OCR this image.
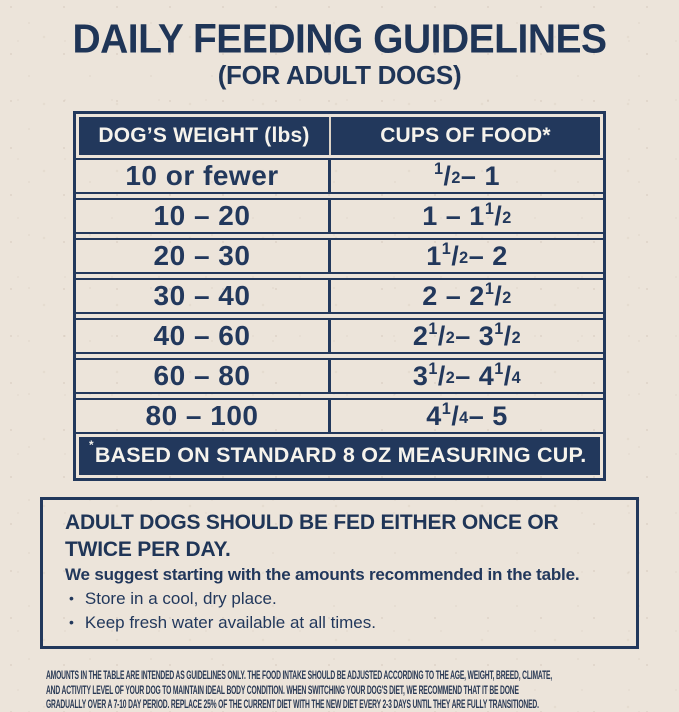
DAILY FEEDING GUIDELINES
(FOR ADULT DOGS)
DOG’S WEIGHT (lbs)	CUPS OF FOOD*
10 or fewer	$^1$ $/_2 - 1$
10 – 20	1 – 1 $^1$ $/_2$
20 – 30	1 $^1$ $/_2 - 2$
30 – 40	2 – 2 $^1$ $/_2$
40 – 60	2 $^1$ $/_2 - 3$ $^1$ $/_2$
60 – 80	3 $^1$ $/_2 - 4$ $^1$ $/_4$
80 – 100	4 $^1$ $/_4 - 5$
*BASED ON STANDARD 8 OZ MEASURING CUP.
ADULT DOGS SHOULD BE FED EITHER ONCE OR TWICE PER DAY.
We suggest starting with the amounts recommended in the table.
• Store in a cool, dry place.
• Keep fresh water available at all times.
AMOUNTS IN THE TABLE ARE INTENDED AS GUIDELINES ONLY. THE FOOD INTAKE SHOULD BE ADJUSTED ACCORDING TO THE AGE, WEIGHT, BREED, CLIMATE,
AND ACTIVITY LEVEL OF YOUR DOG TO MAINTAIN IDEAL BODY CONDITION. WHEN SWITCHING YOUR DOG'S DIET, WE RECOMMEND THAT IT BE DONE
GRADUALLY OVER A 7-10 DAY PERIOD. REPLACE 25% OF THE CURRENT DIET WITH THE NEW DIET EVERY 2-3 DAYS UNTIL THEY ARE FULLY TRANSITIONED.
